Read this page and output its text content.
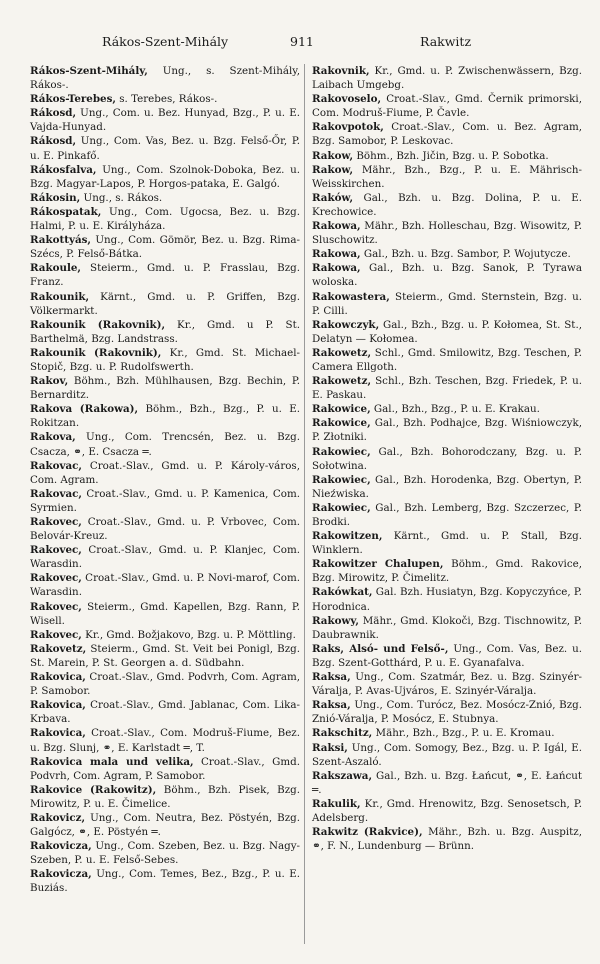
Rákos-Szent-Mihály	911	Rakwitz

Rákos-Szent-Mihály, Ung., s. Szent-Mihály, Rákos-.

Rákos-Terebes, s. Terebes, Rákos-.

Rákosd, Ung., Com. u. Bez. Hunyad, Bzg., P. u. E. Vajda-Hunyad.

Rákosd, Ung., Com. Vas, Bez. u. Bzg. Felső-Őr, P. u. E. Pinkafő.

Rákosfalva, Ung., Com. Szolnok-Doboka, Bez. u. Bzg. Magyar-Lapos, P. Horgos-pataka, E. Galgó.

Rákosin, Ung., s. Rákos.

Rákospatak, Ung., Com. Ugocsa, Bez. u. Bzg. Halmi, P. u. E. Királyháza.

Rakottyás, Ung., Com. Gömör, Bez. u. Bzg. Rima-Szécs, P. Felső-Bátka.

Rakoule, Steierm., Gmd. u. P. Frasslau, Bzg. Franz.

Rakounik, Kärnt., Gmd. u. P. Griffen, Bzg. Völkermarkt.

Rakounik (Rakovnik), Kr., Gmd. u P. St. Barthelmä, Bzg. Landstrass.

Rakounik (Rakovnik), Kr., Gmd. St. Michael-Stopič, Bzg. u. P. Rudolfswerth.

Rakov, Böhm., Bzh. Mühlhausen, Bzg. Bechin, P. Bernarditz.

Rakova (Rakowa), Böhm., Bzh., Bzg., P. u. E. Rokitzan.

Rakova, Ung., Com. Trencsén, Bez. u. Bzg. Csacza, ⚭, E. Csacza ═.

Rakovac, Croat.-Slav., Gmd. u. P. Károly-város, Com. Agram.

Rakovac, Croat.-Slav., Gmd. u. P. Kamenica, Com. Syrmien.

Rakovec, Croat.-Slav., Gmd. u. P. Vrbovec, Com. Belovár-Kreuz.

Rakovec, Croat.-Slav., Gmd. u. P. Klanjec, Com. Warasdin.

Rakovec, Croat.-Slav., Gmd. u. P. Novi-marof, Com. Warasdin.

Rakovec, Steierm., Gmd. Kapellen, Bzg. Rann, P. Wisell.

Rakovec, Kr., Gmd. Božjakovo, Bzg. u. P. Möttling.

Rakovetz, Steierm., Gmd. St. Veit bei Ponigl, Bzg. St. Marein, P. St. Georgen a. d. Südbahn.

Rakovica, Croat.-Slav., Gmd. Podvrh, Com. Agram, P. Samobor.

Rakovica, Croat.-Slav., Gmd. Jablanac, Com. Lika-Krbava.

Rakovica, Croat.-Slav., Com. Modruš-Fiume, Bez. u. Bzg. Slunj, ⚭, E. Karlstadt ═, T.

Rakovica mala und velika, Croat.-Slav., Gmd. Podvrh, Com. Agram, P. Samobor.

Rakovice (Rakowitz), Böhm., Bzh. Pisek, Bzg. Mirowitz, P. u. E. Čimelice.

Rakovicz, Ung., Com. Neutra, Bez. Pöstyén, Bzg. Galgócz, ⚭, E. Pöstyén ═.

Rakovicza, Ung., Com. Szeben, Bez. u. Bzg. Nagy-Szeben, P. u. E. Felső-Sebes.

Rakovicza, Ung., Com. Temes, Bez., Bzg., P. u. E. Buziás.

Rakovnik, Kr., Gmd. u. P. Zwischenwässern, Bzg. Laibach Umgebg.

Rakovoselo, Croat.-Slav., Gmd. Černik primorski, Com. Modruš-Fiume, P. Čavle.

Rakovpotok, Croat.-Slav., Com. u. Bez. Agram, Bzg. Samobor, P. Leskovac.

Rakow, Böhm., Bzh. Jičin, Bzg. u. P. Sobotka.

Rakow, Mähr., Bzh., Bzg., P. u. E. Mährisch-Weisskirchen.

Raków, Gal., Bzh. u. Bzg. Dolina, P. u. E. Krechowice.

Rakowa, Mähr., Bzh. Holleschau, Bzg. Wisowitz, P. Sluschowitz.

Rakowa, Gal., Bzh. u. Bzg. Sambor, P. Wojutycze.

Rakowa, Gal., Bzh. u. Bzg. Sanok, P. Tyrawa woloska.

Rakowastera, Steierm., Gmd. Sternstein, Bzg. u. P. Cilli.

Rakowczyk, Gal., Bzh., Bzg. u. P. Kołomea, St. St., Delatyn — Kołomea.

Rakowetz, Schl., Gmd. Smilowitz, Bzg. Teschen, P. Camera Ellgoth.

Rakowetz, Schl., Bzh. Teschen, Bzg. Friedek, P. u. E. Paskau.

Rakowice, Gal., Bzh., Bzg., P. u. E. Krakau.

Rakowice, Gal., Bzh. Podhajce, Bzg. Wiśniowczyk, P. Złotniki.

Rakowiec, Gal., Bzh. Bohorodczany, Bzg. u. P. Sołotwina.

Rakowiec, Gal., Bzh. Horodenka, Bzg. Obertyn, P. Nieźwiska.

Rakowiec, Gal., Bzh. Lemberg, Bzg. Szczerzec, P. Brodki.

Rakowitzen, Kärnt., Gmd. u. P. Stall, Bzg. Winklern.

Rakowitzer Chalupen, Böhm., Gmd. Rakovice, Bzg. Mirowitz, P. Čimelitz.

Rakówkat, Gal. Bzh. Husiatyn, Bzg. Kopyczyńce, P. Horodnica.

Rakowy, Mähr., Gmd. Klokoči, Bzg. Tischnowitz, P. Daubrawnik.

Raks, Alsó- und Felső-, Ung., Com. Vas, Bez. u. Bzg. Szent-Gotthárd, P. u. E. Gyanafalva.

Raksa, Ung., Com. Szatmár, Bez. u. Bzg. Szinyér-Váralja, P. Avas-Ujváros, E. Szinyér-Váralja.

Raksa, Ung., Com. Turócz, Bez. Mosócz-Znió, Bzg. Znió-Váralja, P. Mosócz, E. Stubnya.

Rakschitz, Mähr., Bzh., Bzg., P. u. E. Kromau.

Raksi, Ung., Com. Somogy, Bez., Bzg. u. P. Igál, E. Szent-Aszaló.

Rakszawa, Gal., Bzh. u. Bzg. Łańcut, ⚭, E. Łańcut ═.

Rakulik, Kr., Gmd. Hrenowitz, Bzg. Senosetsch, P. Adelsberg.

Rakwitz (Rakvice), Mähr., Bzh. u. Bzg. Auspitz, ⚭, F. N., Lundenburg — Brünn.
